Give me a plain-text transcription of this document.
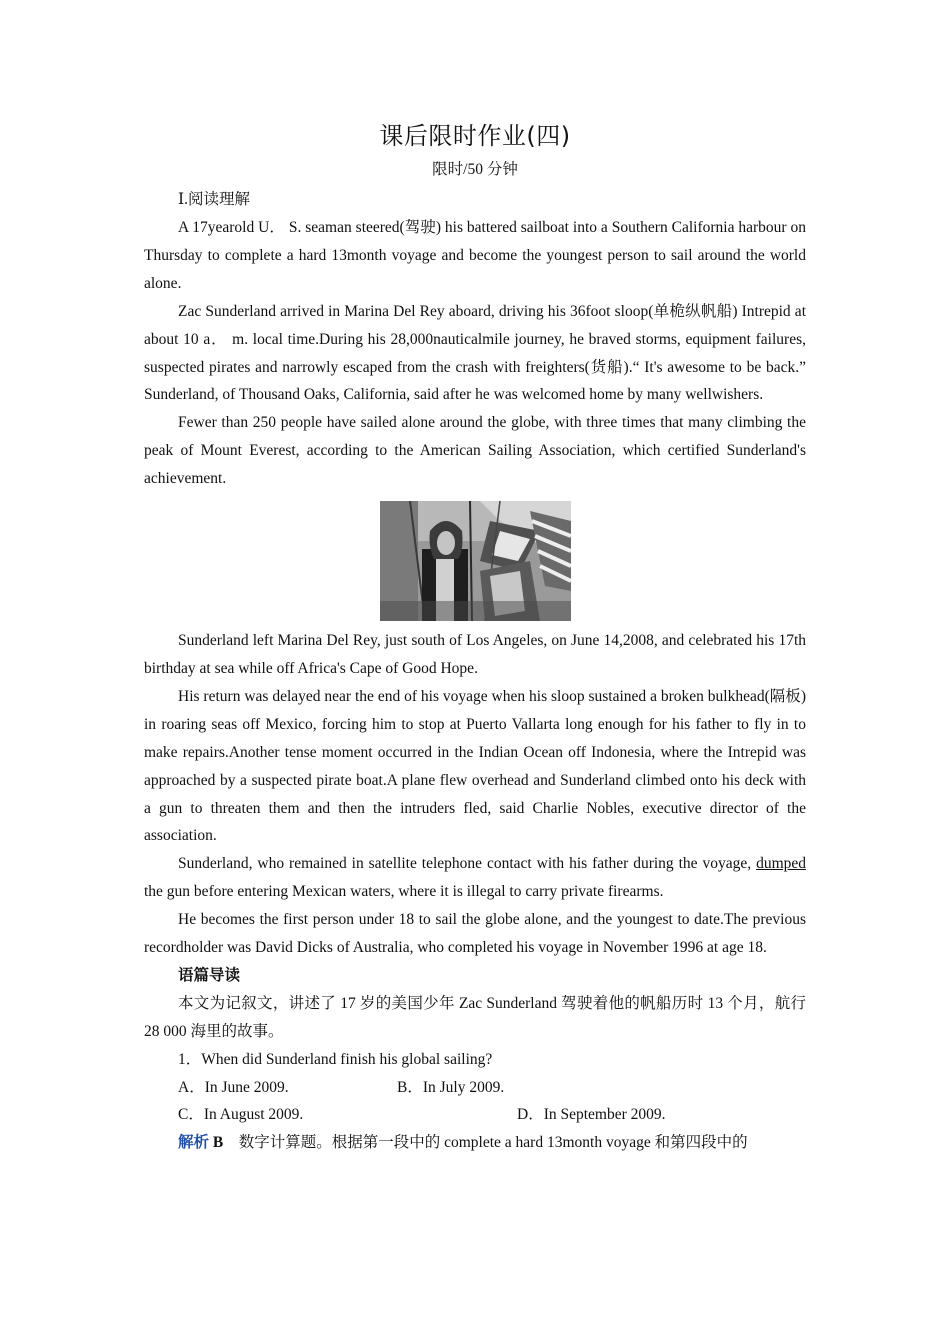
课后限时作业(四)
限时/50 分钟
Ⅰ.阅读理解

A 17yearold U． S. seaman steered(驾驶) his battered sailboat into a Southern California harbour on Thursday to complete a hard 13month voyage and become the youngest person to sail around the world alone.

Zac Sunderland arrived in Marina Del Rey aboard, driving his 36foot sloop(单桅纵帆船) Intrepid at about 10 a． m. local time.During his 28,000nauticalmile journey, he braved storms, equipment failures, suspected pirates and narrowly escaped from the crash with freighters(货船).“ It's awesome to be back.” Sunderland, of Thousand Oaks, California, said after he was welcomed home by many wellwishers.

Fewer than 250 people have sailed alone around the globe, with three times that many climbing the peak of Mount Everest, according to the American Sailing Association, which certified Sunderland's achievement.

Sunderland left Marina Del Rey, just south of Los Angeles, on June 14,2008, and celebrated his 17th birthday at sea while off Africa's Cape of Good Hope.

His return was delayed near the end of his voyage when his sloop sustained a broken bulkhead(隔板) in roaring seas off Mexico, forcing him to stop at Puerto Vallarta long enough for his father to fly in to make repairs.Another tense moment occurred in the Indian Ocean off Indonesia, where the Intrepid was approached by a suspected pirate boat.A plane flew overhead and Sunderland climbed onto his deck with a gun to threaten them and then the intruders fled, said Charlie Nobles, executive director of the association.

Sunderland, who remained in satellite telephone contact with his father during the voyage, dumped the gun before entering Mexican waters, where it is illegal to carry private firearms.

He becomes the first person under 18 to sail the globe alone, and the youngest to date.The previous recordholder was David Dicks of Australia, who completed his voyage in November 1996 at age 18.

语篇导读

本文为记叙文，讲述了 17 岁的美国少年 Zac Sunderland 驾驶着他的帆船历时 13 个月，航行 28 000 海里的故事。

1．When did Sunderland finish his global sailing?
A．In June 2009.	B．In July 2009.
C．In August 2009.	D．In September 2009.

解析 B　数字计算题。根据第一段中的 complete a hard 13month voyage 和第四段中的
